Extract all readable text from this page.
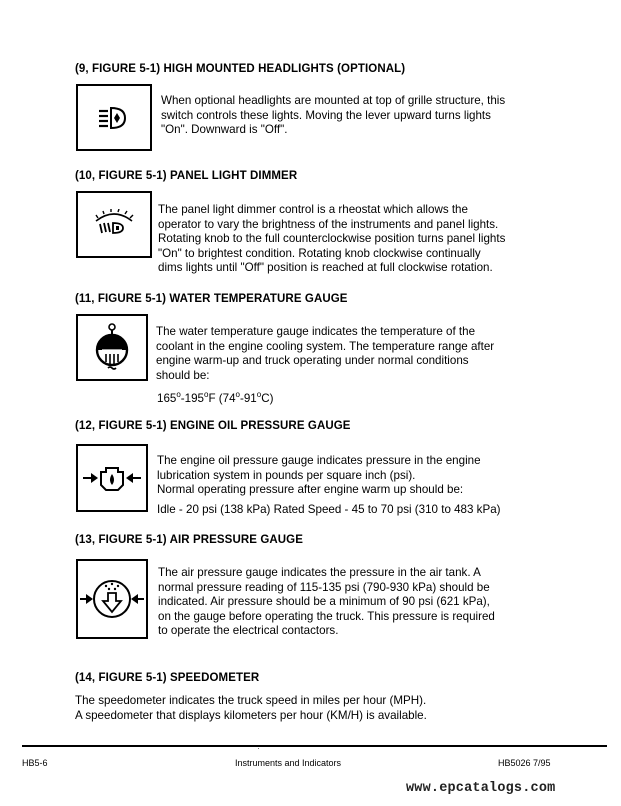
(9, FIGURE 5-1) HIGH MOUNTED HEADLIGHTS (OPTIONAL)

When optional headlights are mounted at top of grille structure, this

switch controls these lights. Moving the lever upward turns lights

"On". Downward is "Off".

(10, FIGURE 5-1) PANEL LIGHT DIMMER

The panel light dimmer control is a rheostat which allows the

operator to vary the brightness of the instruments and panel lights.

Rotating knob to the full counterclockwise position turns panel lights

"On" to brightest condition. Rotating knob clockwise continually

dims lights until "Off" position is reached at full clockwise rotation.

(11, FIGURE 5-1) WATER TEMPERATURE GAUGE

The water temperature gauge indicates the temperature of the

coolant in the engine cooling system. The temperature range after

engine warm-up and truck operating under normal conditions

should be:

165$^o$-195$^o$F (74$^o$-91$^o$C)
(12, FIGURE 5-1) ENGINE OIL PRESSURE GAUGE

The engine oil pressure gauge indicates pressure in the engine

lubrication system in pounds per square inch (psi).

Normal operating pressure after engine warm up should be:

Idle - 20 psi (138 kPa) Rated Speed - 45 to 70 psi (310 to 483 kPa)
(13, FIGURE 5-1) AIR PRESSURE GAUGE

The air pressure gauge indicates the pressure in the air tank. A

normal pressure reading of 115-135 psi (790-930 kPa) should be

indicated. Air pressure should be a minimum of 90 psi (621 kPa),

on the gauge before operating the truck. This pressure is required

to operate the electrical contactors.

(14, FIGURE 5-1) SPEEDOMETER

The speedometer indicates the truck speed in miles per hour (MPH).

A speedometer that displays kilometers per hour (KM/H) is available.

HB5-6	Instruments and Indicators	HB5026 7/95
www.epcatalogs.com
